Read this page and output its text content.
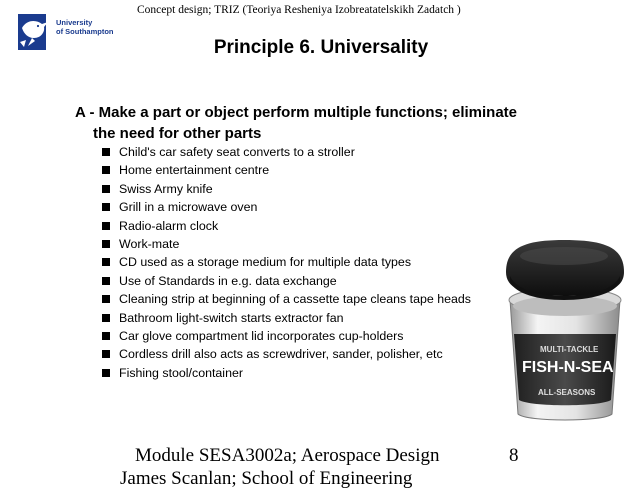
Concept design; TRIZ (Teoriya Resheniya Izobreatatelskikh Zadatch )
University
of Southampton
Principle 6. Universality
A - Make a part or object perform multiple functions; eliminate
the need for other parts
Child's car safety seat converts to a stroller
Home entertainment centre
Swiss Army knife
Grill in a microwave oven
Radio-alarm clock
Work-mate
CD used as a storage medium for multiple data types
Use of Standards in e.g. data exchange
Cleaning strip at beginning of a cassette tape cleans tape heads
Bathroom light-switch starts extractor fan
Car glove compartment lid incorporates cup-holders
Cordless drill also acts as screwdriver, sander, polisher, etc
Fishing stool/container
MULTI-TACKLE
FISH-N-SEA
ALL-SEASONS
Module SESA3002a; Aerospace Design
James Scanlan; School of Engineering
8
